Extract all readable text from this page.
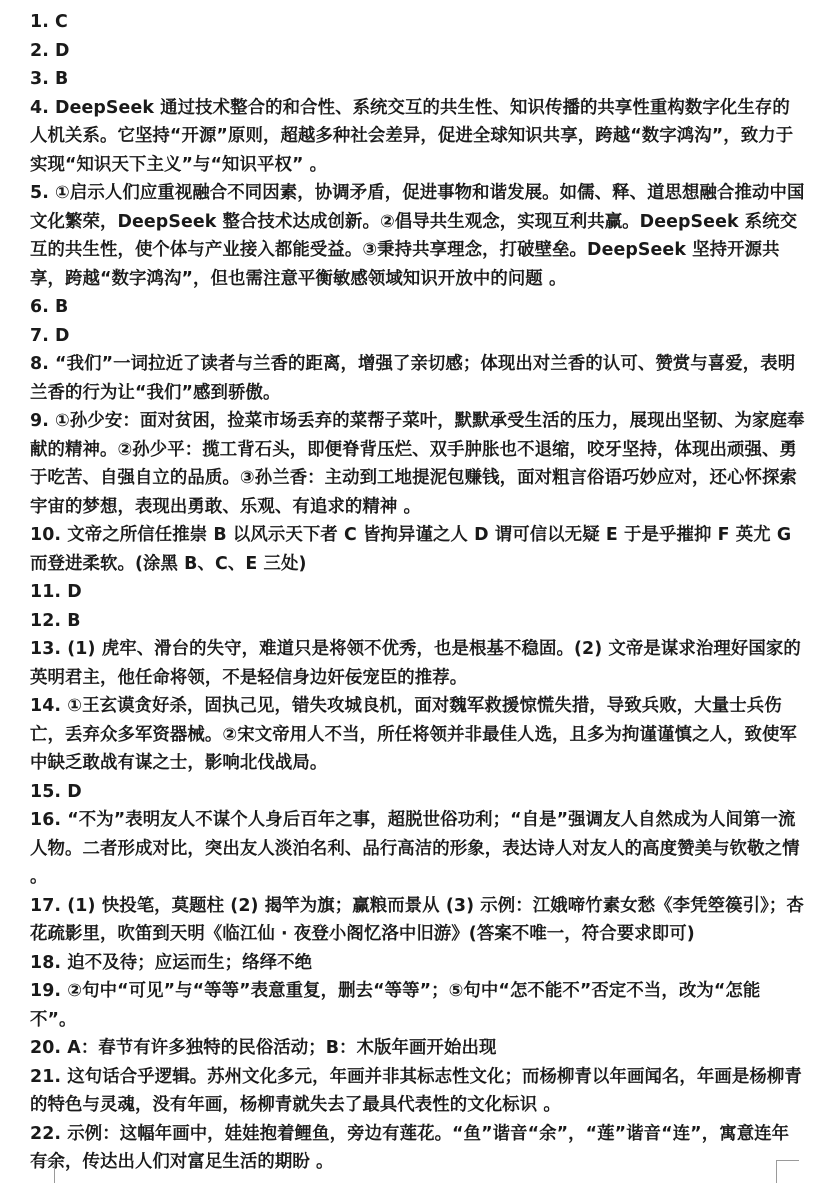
1. C

2. D

3. B

4. DeepSeek 通过技术整合的和合性、系统交互的共生性、知识传播的共享性重构数字化生存的人机关系。它坚持“开源”原则，超越多种社会差异，促进全球知识共享，跨越“数字鸿沟”，致力于实现“知识天下主义”与“知识平权” 。

5. ①启示人们应重视融合不同因素，协调矛盾，促进事物和谐发展。如儒、释、道思想融合推动中国文化繁荣，DeepSeek 整合技术达成创新。②倡导共生观念，实现互利共赢。DeepSeek 系统交互的共生性，使个体与产业接入都能受益。③秉持共享理念，打破壁垒。DeepSeek 坚持开源共享，跨越“数字鸿沟”，但也需注意平衡敏感领域知识开放中的问题 。

6. B

7. D

8. “我们”一词拉近了读者与兰香的距离，增强了亲切感；体现出对兰香的认可、赞赏与喜爱，表明兰香的行为让“我们”感到骄傲。

9. ①孙少安：面对贫困，捡菜市场丢弃的菜帮子菜叶，默默承受生活的压力，展现出坚韧、为家庭奉献的精神。②孙少平：揽工背石头，即便脊背压烂、双手肿胀也不退缩，咬牙坚持，体现出顽强、勇于吃苦、自强自立的品质。③孙兰香：主动到工地提泥包赚钱，面对粗言俗语巧妙应对，还心怀探索宇宙的梦想，表现出勇敢、乐观、有追求的精神 。

10. 文帝之所信任推崇 B 以风示天下者 C 皆拘异谨之人 D 谓可信以无疑 E 于是乎摧抑 F 英尤 G 而登进柔软。(涂黑 B、C、E 三处)

11. D

12. B

13. (1) 虎牢、滑台的失守，难道只是将领不优秀，也是根基不稳固。(2) 文帝是谋求治理好国家的英明君主，他任命将领，不是轻信身边奸佞宠臣的推荐。

14. ①王玄谟贪好杀，固执己见，错失攻城良机，面对魏军救援惊慌失措，导致兵败，大量士兵伤亡，丢弃众多军资器械。②宋文帝用人不当，所任将领并非最佳人选，且多为拘谨谨慎之人，致使军中缺乏敢战有谋之士，影响北伐战局。

15. D

16. “不为”表明友人不谋个人身后百年之事，超脱世俗功利；“自是”强调友人自然成为人间第一流人物。二者形成对比，突出友人淡泊名利、品行高洁的形象，表达诗人对友人的高度赞美与钦敬之情 。

17. (1) 快投笔，莫题柱 (2) 揭竿为旗；赢粮而景从 (3) 示例：江娥啼竹素女愁《李凭箜篌引》；杏花疏影里，吹笛到天明《临江仙 · 夜登小阁忆洛中旧游》(答案不唯一，符合要求即可)

18. 迫不及待；应运而生；络绎不绝

19. ②句中“可见”与“等等”表意重复，删去“等等”；⑤句中“怎不能不”否定不当，改为“怎能不”。

20. A：春节有许多独特的民俗活动；B：木版年画开始出现

21. 这句话合乎逻辑。苏州文化多元，年画并非其标志性文化；而杨柳青以年画闻名，年画是杨柳青的特色与灵魂，没有年画，杨柳青就失去了最具代表性的文化标识 。

22. 示例：这幅年画中，娃娃抱着鲤鱼，旁边有莲花。“鱼”谐音“余”，“莲”谐音“连”，寓意连年有余，传达出人们对富足生活的期盼 。
